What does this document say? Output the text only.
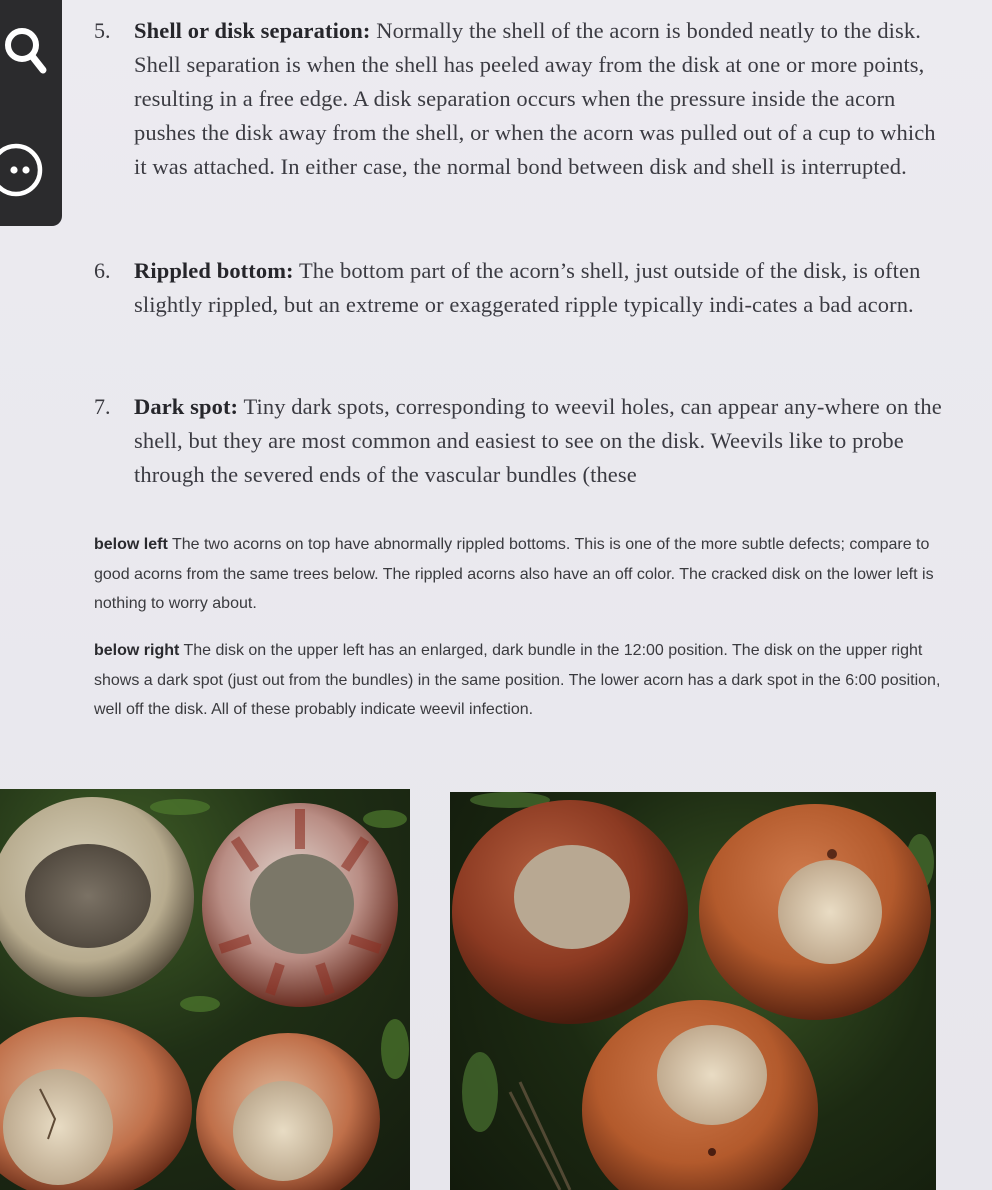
5.	Shell or disk separation: Normally the shell of the acorn is bonded neatly to the disk. Shell separation is when the shell has peeled away from the disk at one or more points, resulting in a free edge. A disk separation occurs when the pressure inside the acorn pushes the disk away from the shell, or when the acorn was pulled out of a cup to which it was attached. In either case, the normal bond between disk and shell is interrupted.
6.	Rippled bottom: The bottom part of the acorn’s shell, just outside of the disk, is often slightly rippled, but an extreme or exaggerated ripple typically indi-cates a bad acorn.
7.	Dark spot: Tiny dark spots, corresponding to weevil holes, can appear any-where on the shell, but they are most common and easiest to see on the disk. Weevils like to probe through the severed ends of the vascular bundles (these
below left The two acorns on top have abnormally rippled bottoms. This is one of the more subtle defects; compare to good acorns from the same trees below. The rippled acorns also have an off color. The cracked disk on the lower left is nothing to worry about.
below right The disk on the upper left has an enlarged, dark bundle in the 12:00 position. The disk on the upper right shows a dark spot (just out from the bundles) in the same position. The lower acorn has a dark spot in the 6:00 position, well off the disk. All of these probably indicate weevil infection.
